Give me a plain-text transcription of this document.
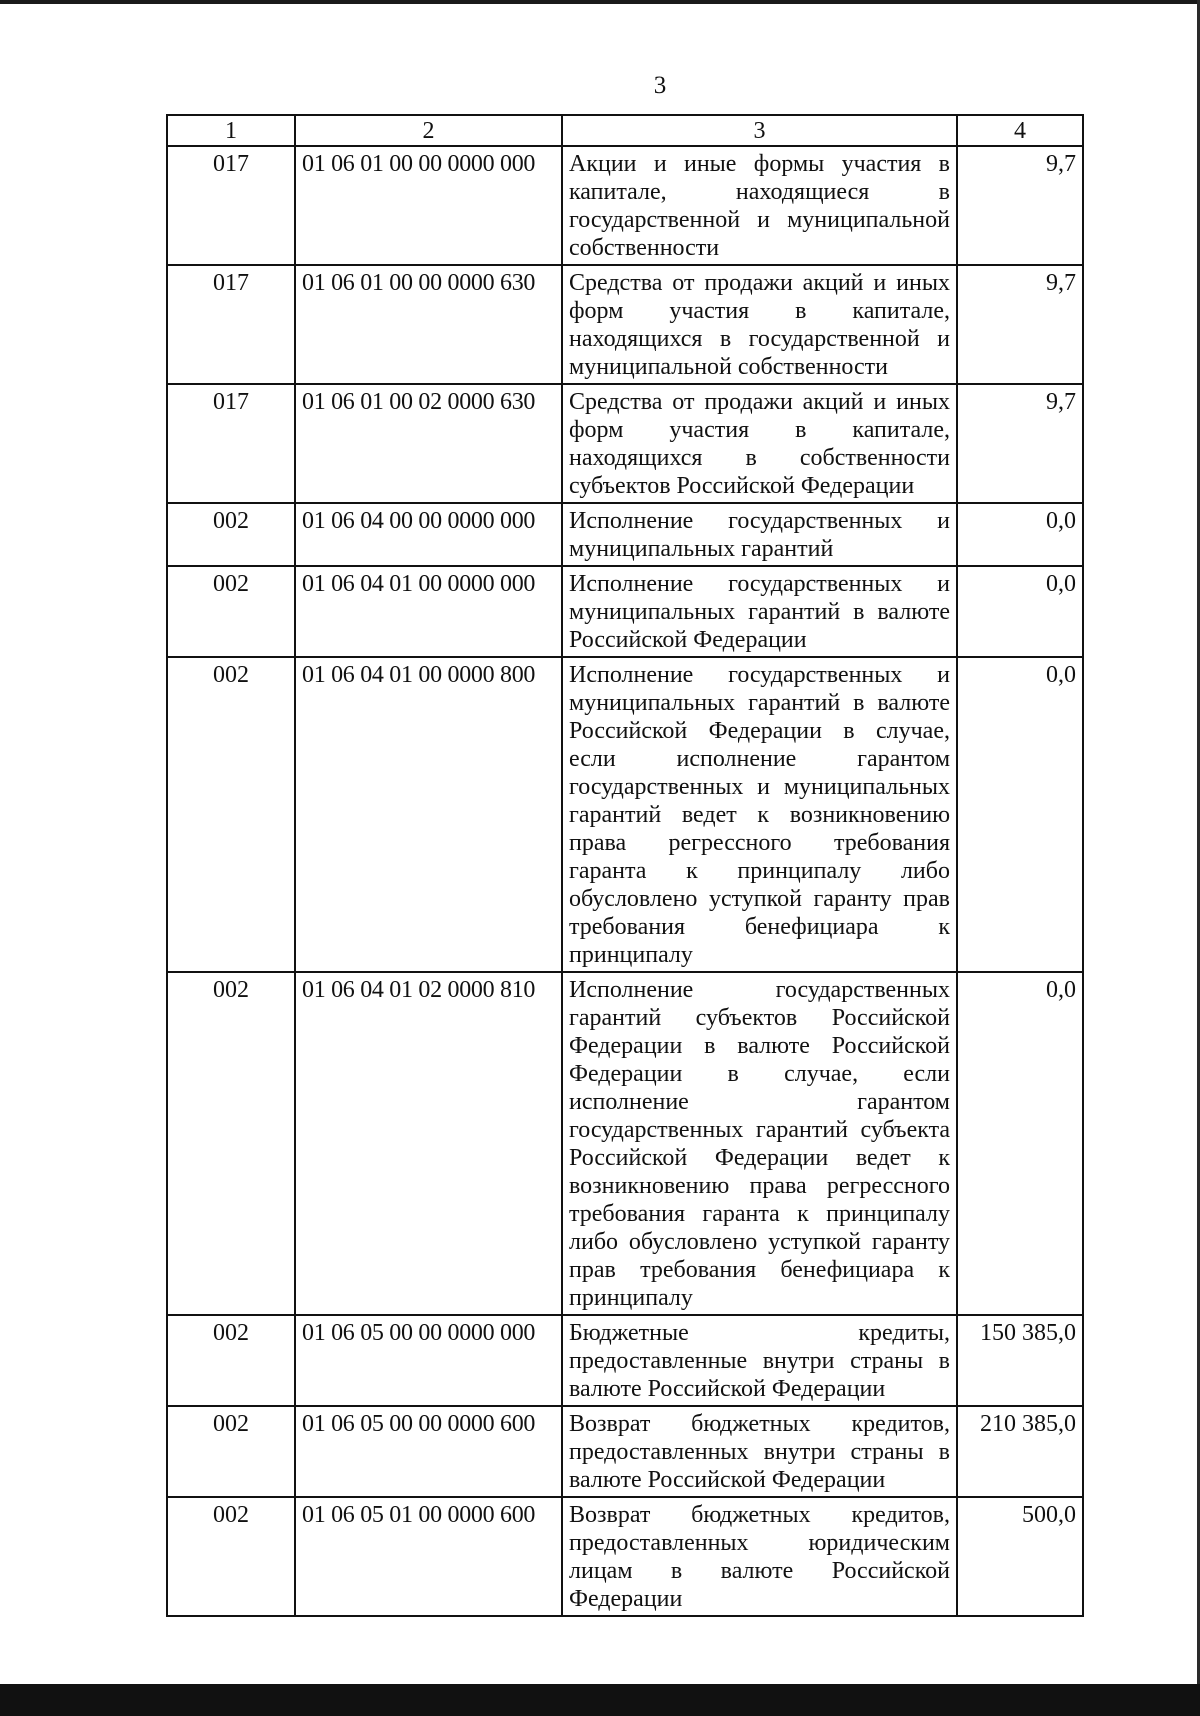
3
1	2	3	4
017	01 06 01 00 00 0000 000	Акции и иные формы участия в капитале, находящиеся в государственной и муниципальной собственности	9,7
017	01 06 01 00 00 0000 630	Средства от продажи акций и иных форм участия в капитале, находящихся в государственной и муниципальной собственности	9,7
017	01 06 01 00 02 0000 630	Средства от продажи акций и иных форм участия в капитале, находящихся в собственности субъектов Российской Федерации	9,7
002	01 06 04 00 00 0000 000	Исполнение государственных и муниципальных гарантий	0,0
002	01 06 04 01 00 0000 000	Исполнение государственных и муниципальных гарантий в валюте Российской Федерации	0,0
002	01 06 04 01 00 0000 800	Исполнение государственных и муниципальных гарантий в валюте Российской Федерации в случае, если исполнение гарантом государственных и муниципальных гарантий ведет к возникновению права регрессного требования гаранта к принципалу либо обусловлено уступкой гаранту прав требования бенефициара к принципалу	0,0
002	01 06 04 01 02 0000 810	Исполнение государственных гарантий субъектов Российской Федерации в валюте Российской Федерации в случае, если исполнение гарантом государственных гарантий субъекта Российской Федерации ведет к возникновению права регрессного требования гаранта к принципалу либо обусловлено уступкой гаранту прав требования бенефициара к принципалу	0,0
002	01 06 05 00 00 0000 000	Бюджетные кредиты, предоставленные внутри страны в валюте Российской Федерации	150 385,0
002	01 06 05 00 00 0000 600	Возврат бюджетных кредитов, предоставленных внутри страны в валюте Российской Федерации	210 385,0
002	01 06 05 01 00 0000 600	Возврат бюджетных кредитов, предоставленных юридическим лицам в валюте Российской Федерации	500,0
